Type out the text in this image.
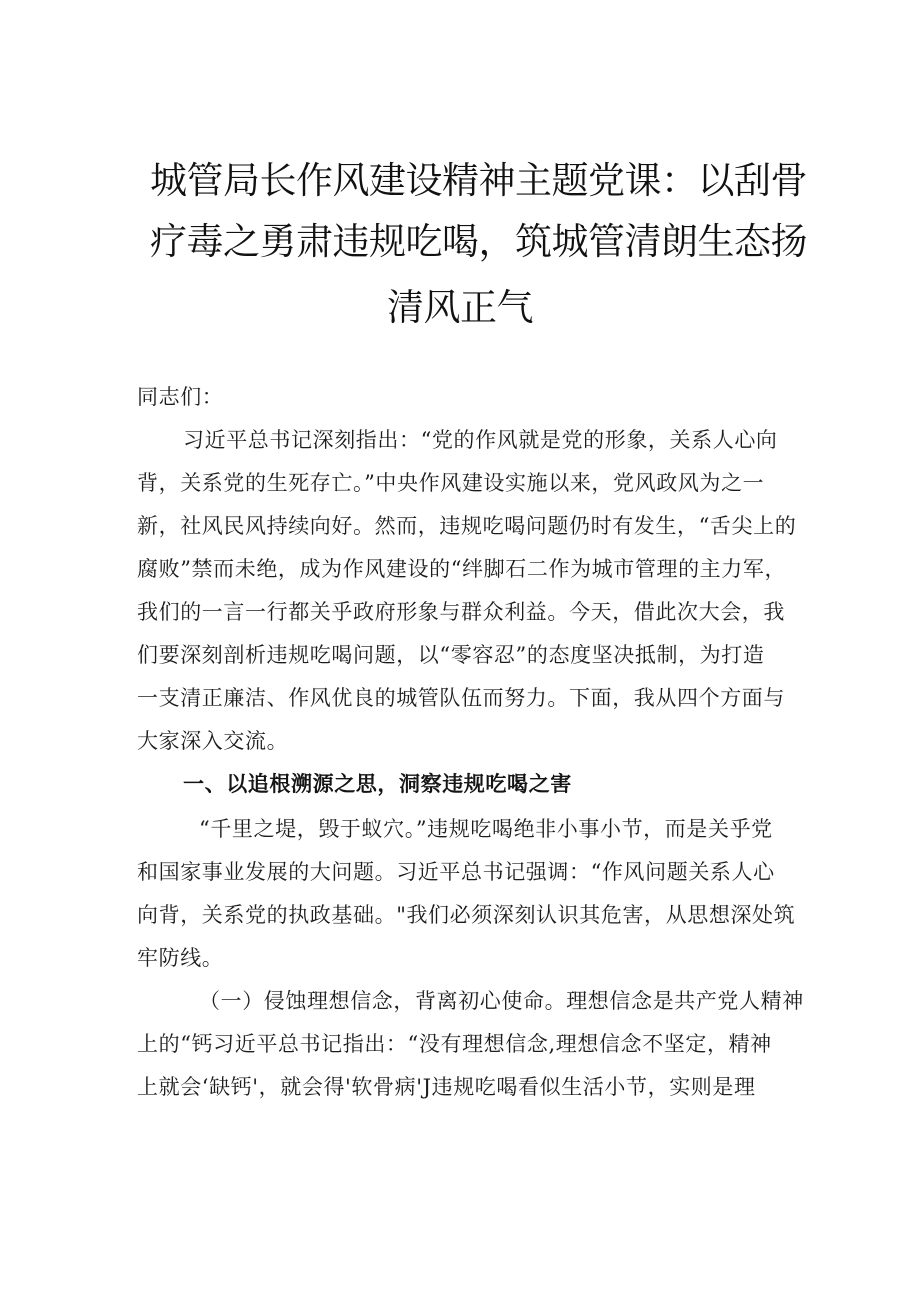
城管局长作风建设精神主题党课：以刮骨
疗毒之勇肃违规吃喝，筑城管清朗生态扬
清风正气
同志们：
习近平总书记深刻指出：“党的作风就是党的形象，关系人心向
背，关系党的生死存亡。”中央作风建设实施以来，党风政风为之一
新，社风民风持续向好。然而，违规吃喝问题仍时有发生，“舌尖上的
腐败”禁而未绝，成为作风建设的“绊脚石二作为城市管理的主力军，
我们的一言一行都关乎政府形象与群众利益。今天，借此次大会，我
们要深刻剖析违规吃喝问题，以“零容忍”的态度坚决抵制，为打造
一支清正廉洁、作风优良的城管队伍而努力。下面，我从四个方面与
大家深入交流。
一、以追根溯源之思，洞察违规吃喝之害
“千里之堤，毁于蚁穴。”违规吃喝绝非小事小节，而是关乎党
和国家事业发展的大问题。习近平总书记强调：“作风问题关系人心
向背，关系党的执政基础。"我们必须深刻认识其危害，从思想深处筑
牢防线。
（一）侵蚀理想信念，背离初心使命。理想信念是共产党人精神
上的“钙习近平总书记指出：“没有理想信念,理想信念不坚定，精神
上就会‘缺钙'，就会得'软骨病'J违规吃喝看似生活小节，实则是理
